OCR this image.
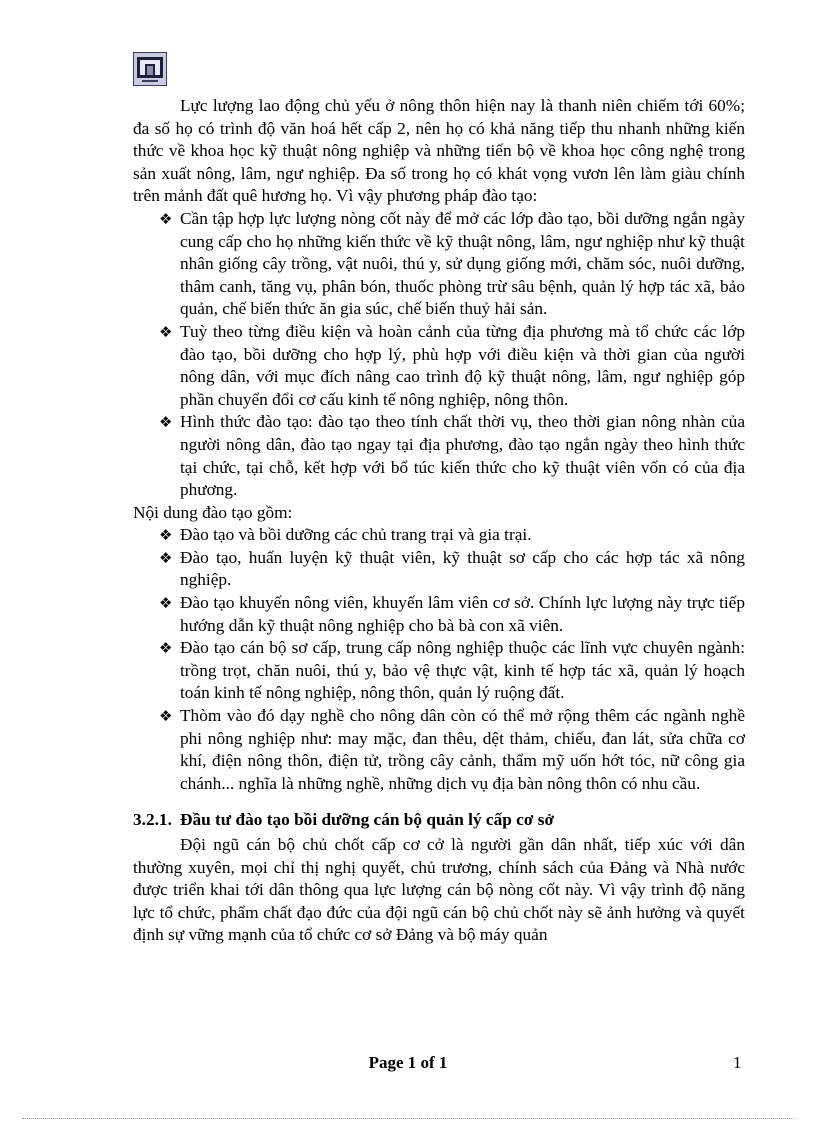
Lực lượng lao động chủ yếu ở nông thôn hiện nay là thanh niên chiếm tới 60%; đa số họ có trình độ văn hoá hết cấp 2, nên họ có khả năng tiếp thu nhanh những kiến thức về khoa học kỹ thuật nông nghiệp và những tiến bộ về khoa học công nghệ trong sản xuất nông, lâm, ngư nghiệp. Đa số trong họ có khát vọng vươn lên làm giàu chính trên mảnh đất quê hương họ. Vì vậy phương pháp đào tạo:

❖ Cần tập hợp lực lượng nòng cốt này để mở các lớp đào tạo, bồi dưỡng ngắn ngày cung cấp cho họ những kiến thức về kỹ thuật nông, lâm, ngư nghiệp như kỹ thuật nhân giống cây trồng, vật nuôi, thú y, sử dụng giống mới, chăm sóc, nuôi dưỡng, thâm canh, tăng vụ, phân bón, thuốc phòng trừ sâu bệnh, quản lý hợp tác xã, bảo quản, chế biến thức ăn gia súc, chế biến thuỷ hải sản.

❖ Tuỳ theo từng điều kiện và hoàn cảnh của từng địa phương mà tổ chức các lớp đào tạo, bồi dưỡng cho hợp lý, phù hợp với điều kiện và thời gian của người nông dân, với mục đích nâng cao trình độ kỹ thuật nông, lâm, ngư nghiệp góp phần chuyển đổi cơ cấu kinh tế nông nghiệp, nông thôn.

❖ Hình thức đào tạo: đào tạo theo tính chất thời vụ, theo thời gian nông nhàn của người nông dân, đào tạo ngay tại địa phương, đào tạo ngắn ngày theo hình thức tại chức, tại chỗ, kết hợp với bổ túc kiến thức cho kỹ thuật viên vốn có của địa phương.

Nội dung đào tạo gồm:

❖ Đào tạo và bồi dưỡng các chủ trang trại và gia trại.

❖ Đào tạo, huấn luyện kỹ thuật viên, kỹ thuật sơ cấp cho các hợp tác xã nông nghiệp.

❖ Đào tạo khuyến nông viên, khuyến lâm viên cơ sở. Chính lực lượng này trực tiếp hướng dẫn kỹ thuật nông nghiệp cho bà bà con xã viên.

❖ Đào tạo cán bộ sơ cấp, trung cấp nông nghiệp thuộc các lĩnh vực chuyên ngành: trồng trọt, chăn nuôi, thú y, bảo vệ thực vật, kinh tế hợp tác xã, quản lý hoạch toán kinh tế nông nghiệp, nông thôn, quản lý ruộng đất.

❖ Thòm vào đó dạy nghề cho nông dân còn có thể mở rộng thêm các ngành nghề phi nông nghiệp như: may mặc, đan thêu, dệt thảm, chiếu, đan lát, sửa chữa cơ khí, điện nông thôn, điện tử, trồng cây cảnh, thẩm mỹ uốn hớt tóc, nữ công gia chánh... nghĩa là những nghề, những dịch vụ địa bàn nông thôn có nhu cầu.

3.2.1. Đầu tư đào tạo bồi dưỡng cán bộ quản lý cấp cơ sở

Đội ngũ cán bộ chủ chốt cấp cơ cở là người gần dân nhất, tiếp xúc với dân thường xuyên, mọi chỉ thị nghị quyết, chủ trương, chính sách của Đảng và Nhà nước được triển khai tới dân thông qua lực lượng cán bộ nòng cốt này. Vì vậy trình độ năng lực tổ chức, phẩm chất đạo đức của đội ngũ cán bộ chủ chốt này sẽ ảnh hưởng và quyết định sự vững mạnh của tổ chức cơ sở Đảng và bộ máy quản

Page 1 of 1	1
